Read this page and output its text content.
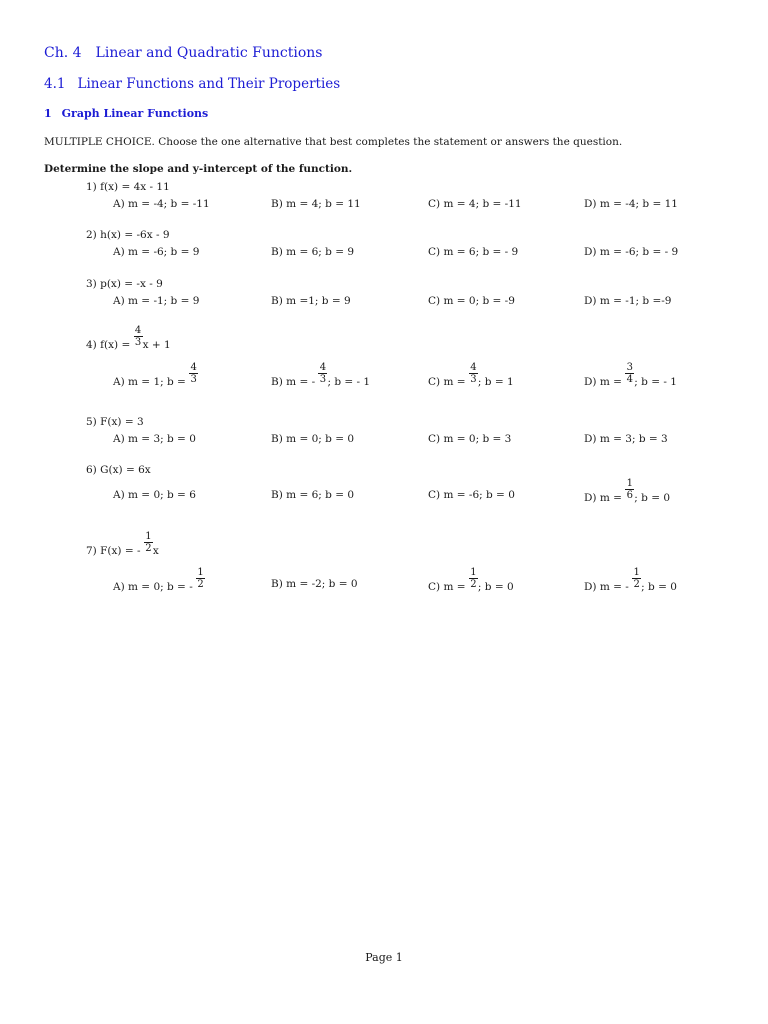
Ch. 4 Linear and Quadratic Functions
4.1 Linear Functions and Their Properties
1 Graph Linear Functions
MULTIPLE CHOICE. Choose the one alternative that best completes the statement or answers the question.
Determine the slope and y-intercept of the function.
1) f(x) = 4x - 11
A) m = -4; b = -11	B) m = 4; b = 11	C) m = 4; b = -11	D) m = -4; b = 11
2) h(x) = -6x - 9
A) m = -6; b = 9	B) m = 6; b = 9	C) m = 6; b = - 9	D) m = -6; b = - 9
3) p(x) = -x - 9
A) m = -1; b = 9	B) m =1; b = 9	C) m = 0; b = -9	D) m = -1; b =-9
4) $f(x) = \frac{4}{3}$ x + 1
A) m = 1; $b = \frac{4}{3}$	B) m = - $\frac{4}{3}$ ; b = - 1	C) $m = \frac{4}{3}$ ; b = 1	D) $m = \frac{3}{4}$ ; b = - 1
5) F(x) = 3
A) m = 3; b = 0	B) m = 0; b = 0	C) m = 0; b = 3	D) m = 3; b = 3
6) G(x) = 6x
A) m = 0; b = 6	B) m = 6; b = 0	C) m = -6; b = 0	D) $m = \frac{1}{6}$ ; b = 0
7) F(x) = - $\frac{1}{2}$ x
A) m = 0; b = - $\frac{1}{2}$	B) m = -2; b = 0	C) $m = \frac{1}{2}$ ; b = 0	D) m = - $\frac{1}{2}$ ; b = 0
Page 1
